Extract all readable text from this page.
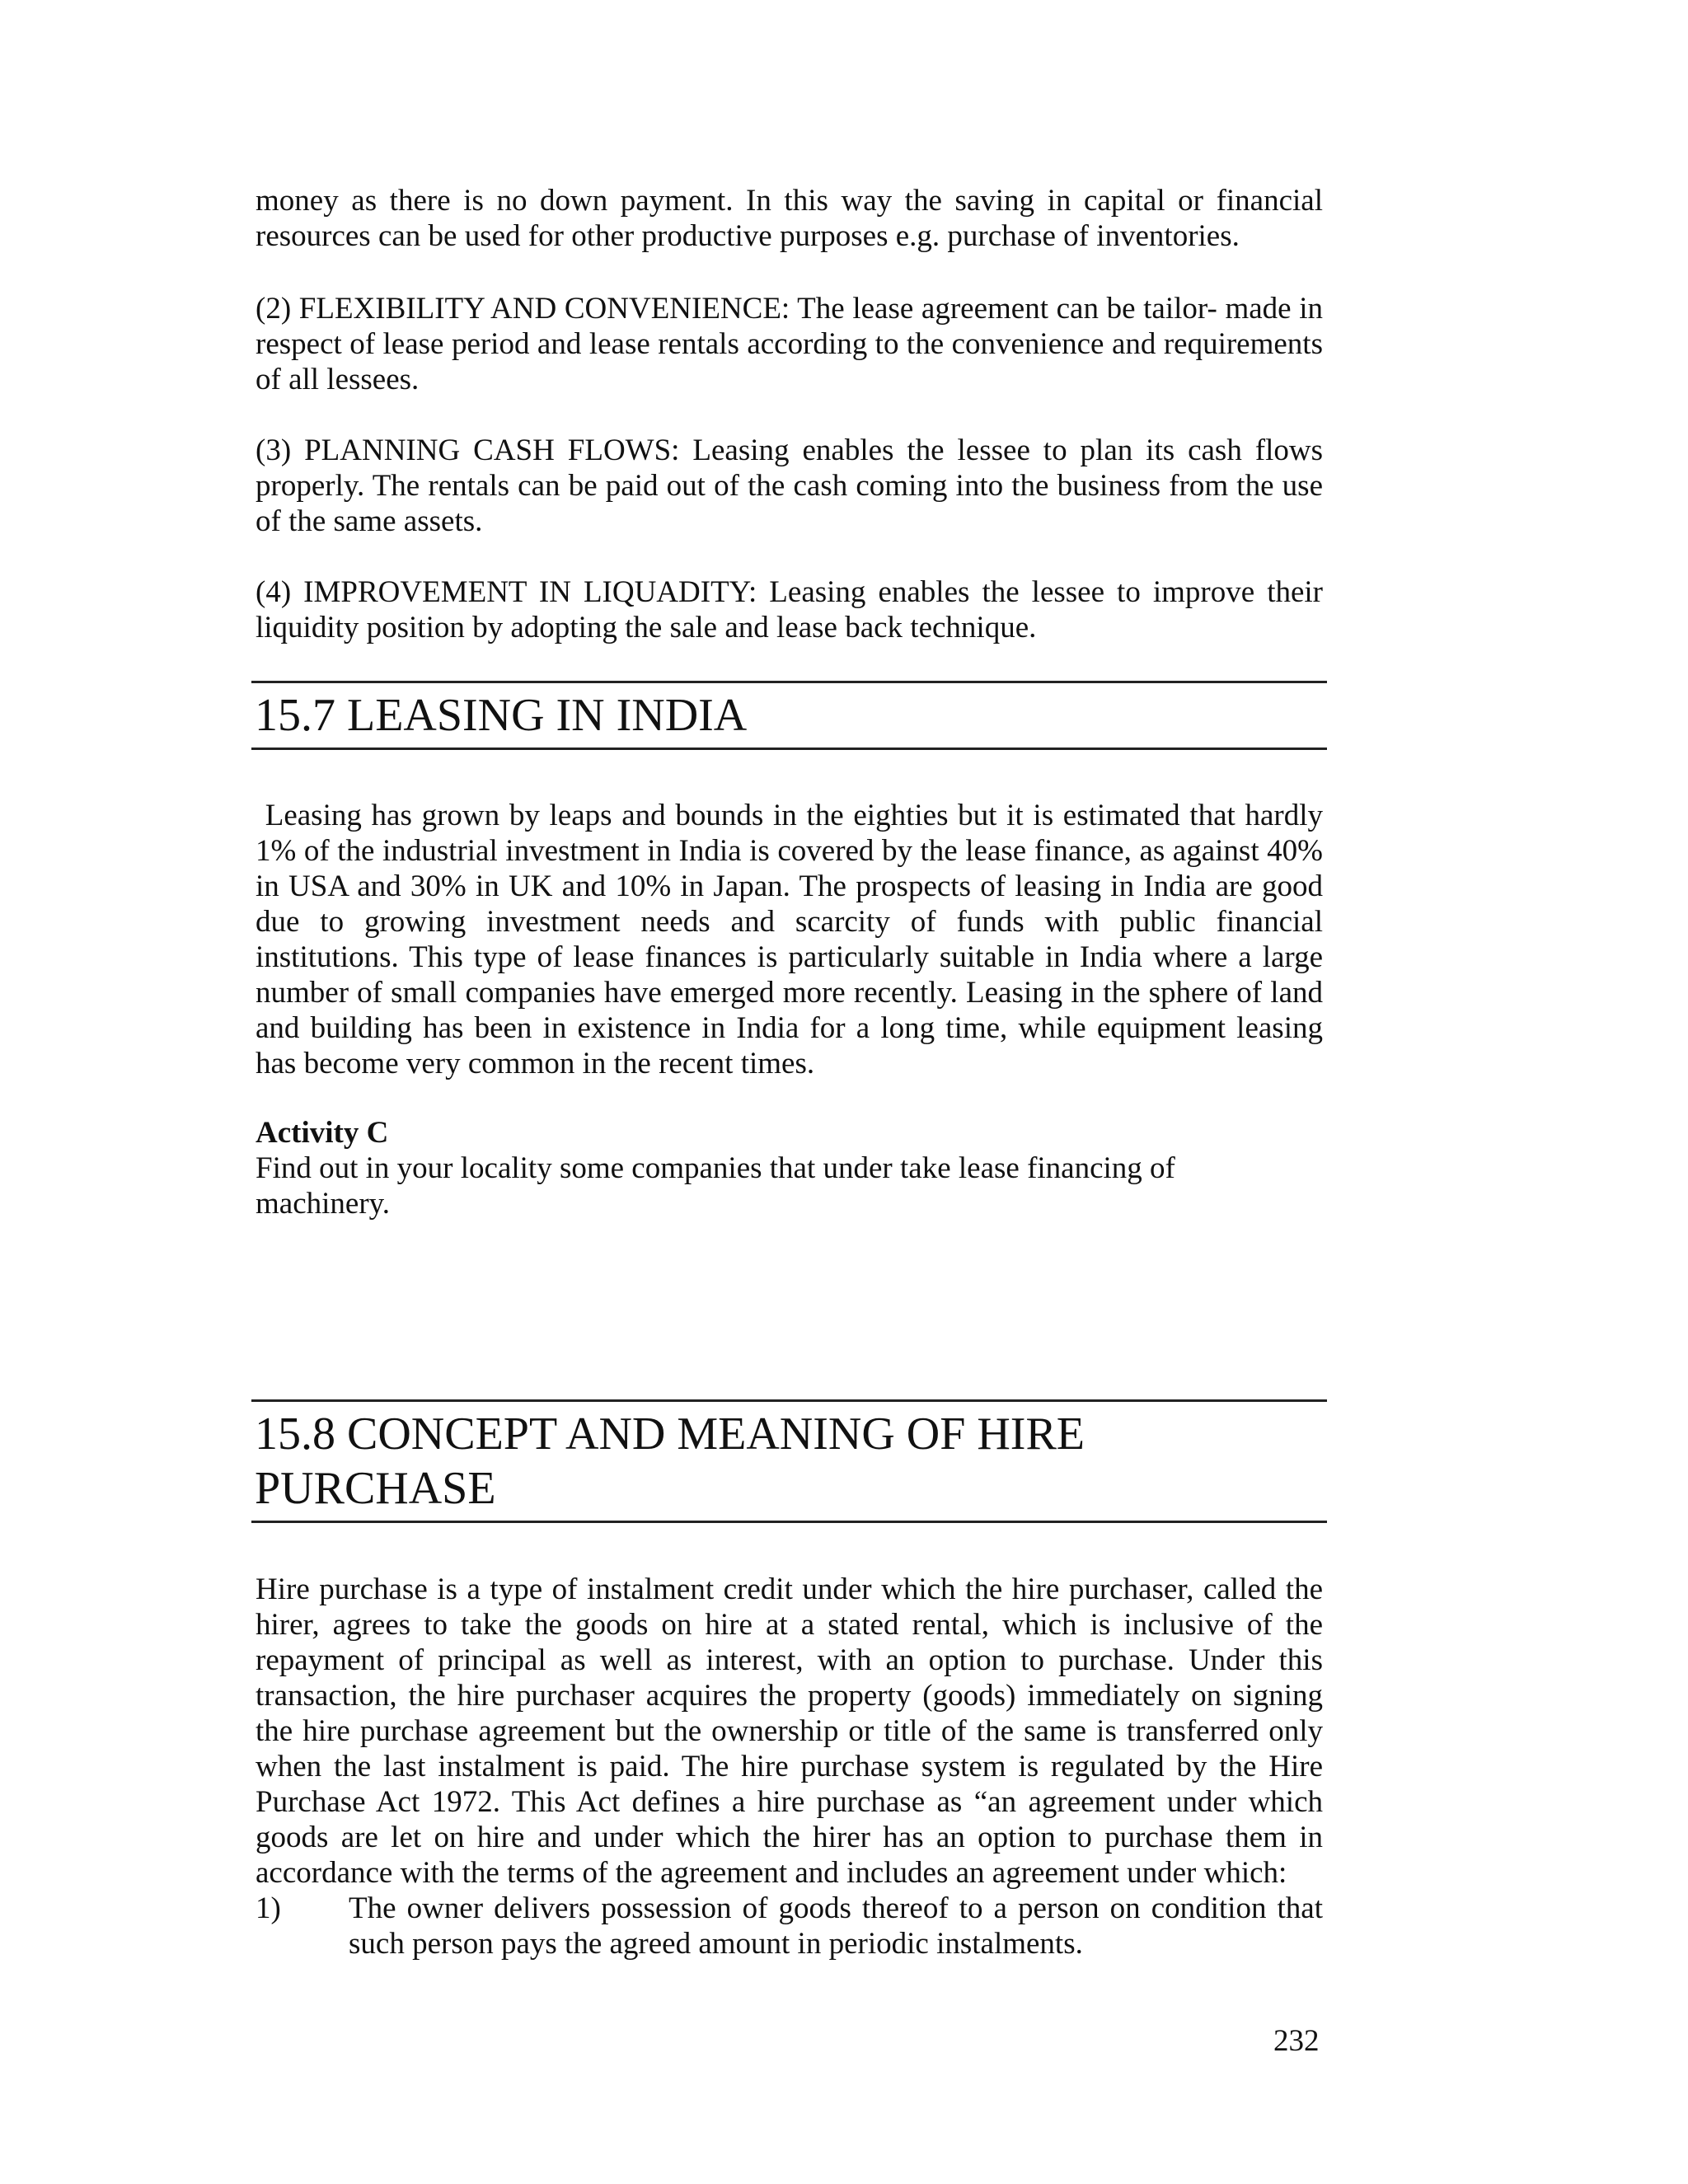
money as there is no down payment. In this way the saving in capital or financial resources can be used for other productive purposes e.g. purchase of inventories.

(2) FLEXIBILITY AND CONVENIENCE: The lease agreement can be tailor- made in respect of lease period and lease rentals according to the convenience and requirements of all lessees.

(3) PLANNING CASH FLOWS: Leasing enables the lessee to plan its cash flows properly. The rentals can be paid out of the cash coming into the business from the use of the same assets.

(4) IMPROVEMENT IN LIQUADITY: Leasing enables the lessee to improve their liquidity position by adopting the sale and lease back technique.

15.7 LEASING IN INDIA

Leasing has grown by leaps and bounds in the eighties but it is estimated that hardly 1% of the industrial investment in India is covered by the lease finance, as against 40% in USA and 30% in UK and 10% in Japan. The prospects of leasing in India are good due to growing investment needs and scarcity of funds with public financial institutions. This type of lease finances is particularly suitable in India where a large number of small companies have emerged more recently. Leasing in the sphere of land and building has been in existence in India for a long time, while equipment leasing has become very common in the recent times.

Activity C
Find out in your locality some companies that under take lease financing of
machinery.
15.8 CONCEPT AND MEANING OF HIRE
PURCHASE

Hire purchase is a type of instalment credit under which the hire purchaser, called the hirer, agrees to take the goods on hire at a stated rental, which is inclusive of the repayment of principal as well as interest, with an option to purchase. Under this transaction, the hire purchaser acquires the property (goods) immediately on signing the hire purchase agreement but the ownership or title of the same is transferred only when the last instalment is paid. The hire purchase system is regulated by the Hire Purchase Act 1972. This Act defines a hire purchase as “an agreement under which goods are let on hire and under which the hirer has an option to purchase them in accordance with the terms of the agreement and includes an agreement under which:

1)	The owner delivers possession of goods thereof to a person on condition that such person pays the agreed amount in periodic instalments.
232
